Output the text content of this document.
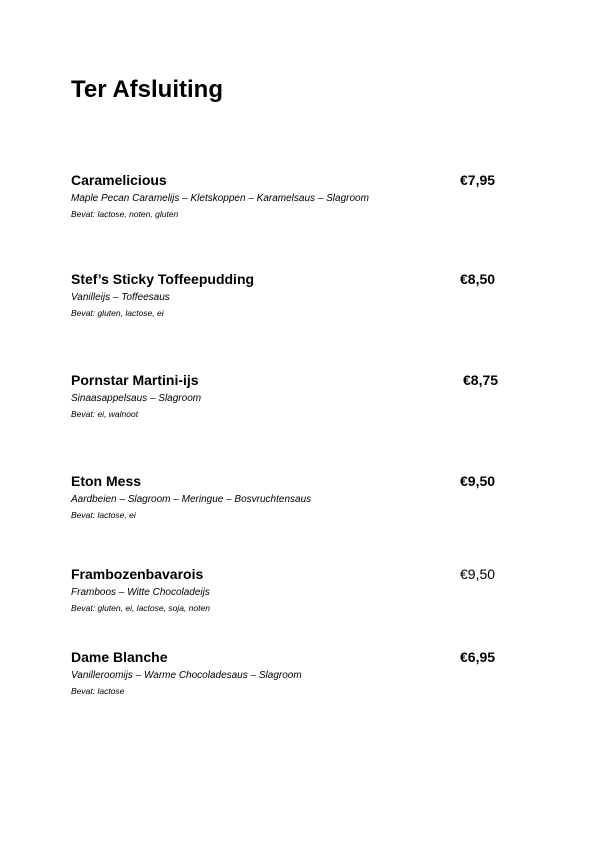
Ter Afsluiting
Caramelicious	€7,95
Maple Pecan Caramelijs – Kletskoppen – Karamelsaus – Slagroom
Bevat: lactose, noten, gluten
Stef’s Sticky Toffeepudding	€8,50
Vanilleijs – Toffeesaus
Bevat: gluten, lactose, ei
Pornstar Martini-ijs	€8,75
Sinaasappelsaus – Slagroom
Bevat: ei, walnoot
Eton Mess	€9,50
Aardbeien – Slagroom – Meringue – Bosvruchtensaus
Bevat: lactose, ei
Frambozenbavarois	€9,50
Framboos – Witte Chocoladeijs
Bevat: gluten, ei, lactose, soja, noten
Dame Blanche	€6,95
Vanilleroomijs – Warme Chocoladesaus – Slagroom
Bevat: lactose
